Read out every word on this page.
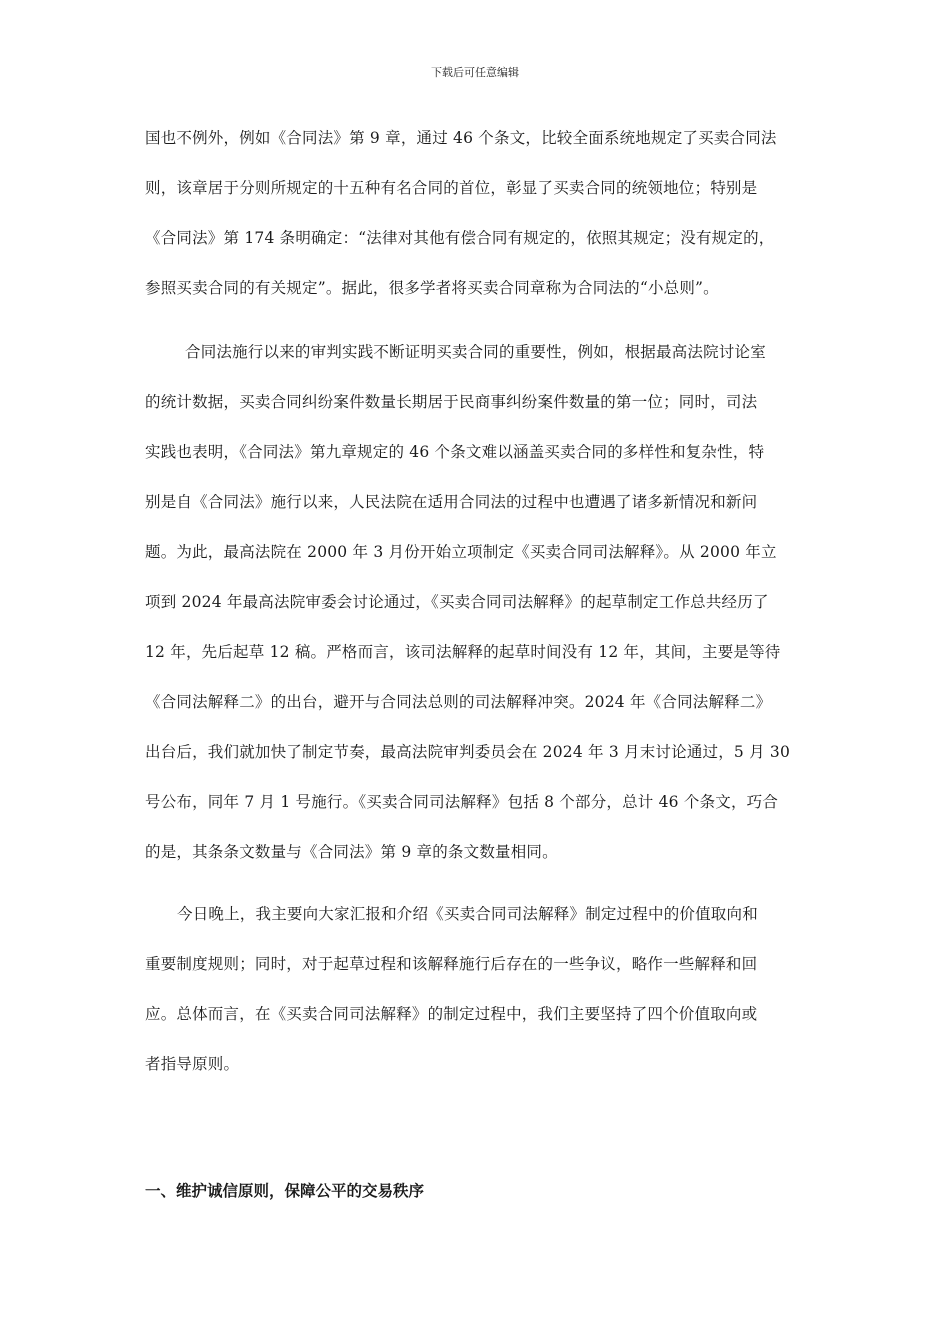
下载后可任意编辑
国也不例外，例如《合同法》第 9 章，通过 46 个条文，比较全面系统地规定了买卖合同法
则，该章居于分则所规定的十五种有名合同的首位，彰显了买卖合同的统领地位；特别是
《合同法》第 174 条明确定：“法律对其他有偿合同有规定的，依照其规定；没有规定的，
参照买卖合同的有关规定”。据此，很多学者将买卖合同章称为合同法的“小总则”。
合同法施行以来的审判实践不断证明买卖合同的重要性，例如，根据最高法院讨论室
的统计数据，买卖合同纠纷案件数量长期居于民商事纠纷案件数量的第一位；同时，司法
实践也表明，《合同法》第九章规定的 46 个条文难以涵盖买卖合同的多样性和复杂性，特
别是自《合同法》施行以来，人民法院在适用合同法的过程中也遭遇了诸多新情况和新问
题。为此，最高法院在 2000 年 3 月份开始立项制定《买卖合同司法解释》。从 2000 年立
项到 2024 年最高法院审委会讨论通过，《买卖合同司法解释》的起草制定工作总共经历了
12 年，先后起草 12 稿。严格而言，该司法解释的起草时间没有 12 年，其间，主要是等待
《合同法解释二》的出台，避开与合同法总则的司法解释冲突。2024 年《合同法解释二》
出台后，我们就加快了制定节奏，最高法院审判委员会在 2024 年 3 月末讨论通过，5 月 30
号公布，同年 7 月 1 号施行。《买卖合同司法解释》包括 8 个部分，总计 46 个条文，巧合
的是，其条条文数量与《合同法》第 9 章的条文数量相同。
今日晚上，我主要向大家汇报和介绍《买卖合同司法解释》制定过程中的价值取向和
重要制度规则；同时，对于起草过程和该解释施行后存在的一些争议，略作一些解释和回
应。总体而言，在《买卖合同司法解释》的制定过程中，我们主要坚持了四个价值取向或
者指导原则。
一、维护诚信原则，保障公平的交易秩序
